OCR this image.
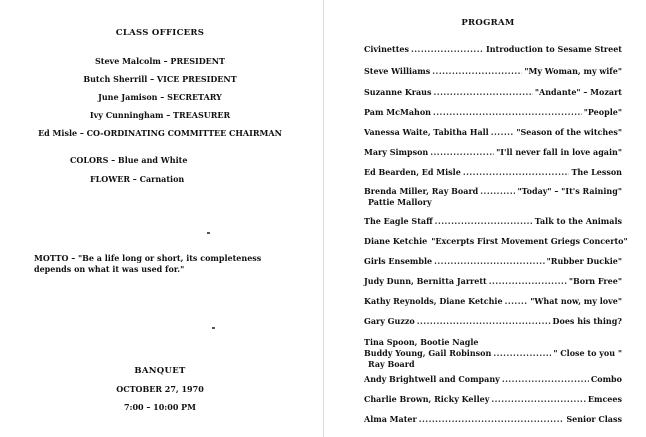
CLASS OFFICERS
Steve Malcolm – PRESIDENT
Butch Sherrill – VICE PRESIDENT
June Jamison – SECRETARY
Ivy Cunningham – TREASURER
Ed Misle – CO-ORDINATING COMMITTEE CHAIRMAN
COLORS – Blue and White
FLOWER – Carnation
MOTTO – "Be a life long or short, its completeness depends on what it was used for."
BANQUET
OCTOBER 27, 1970
7:00 – 10:00 PM
PROGRAM
Civinettes .....	Introduction to Sesame Street
Steve Williams .....	"My Woman, my wife"
Suzanne Kraus .....	"Andante" – Mozart
Pam McMahon .....	"People"
Vanessa Waite, Tabitha Hall .....	"Season of the witches"
Mary Simpson .....	"I'll never fall in love again"
Ed Bearden, Ed Misle .....	The Lesson
Brenda Miller, Ray Board .....	"Today" – "It's Raining"
Pattie Mallory
The Eagle Staff .....	Talk to the Animals
Diane Ketchie "Excerpts First Movement Griegs Concerto"
Girls Ensemble .....	"Rubber Duckie"
Judy Dunn, Bernitta Jarrett .....	"Born Free"
Kathy Reynolds, Diane Ketchie .....	"What now, my love"
Gary Guzzo .....	Does his thing?
Tina Spoon, Bootie Nagle
Buddy Young, Gail Robinson .....	" Close to you "
Ray Board
Andy Brightwell and Company .....	Combo
Charlie Brown, Ricky Kelley .....	Emcees
Alma Mater .....	Senior Class
